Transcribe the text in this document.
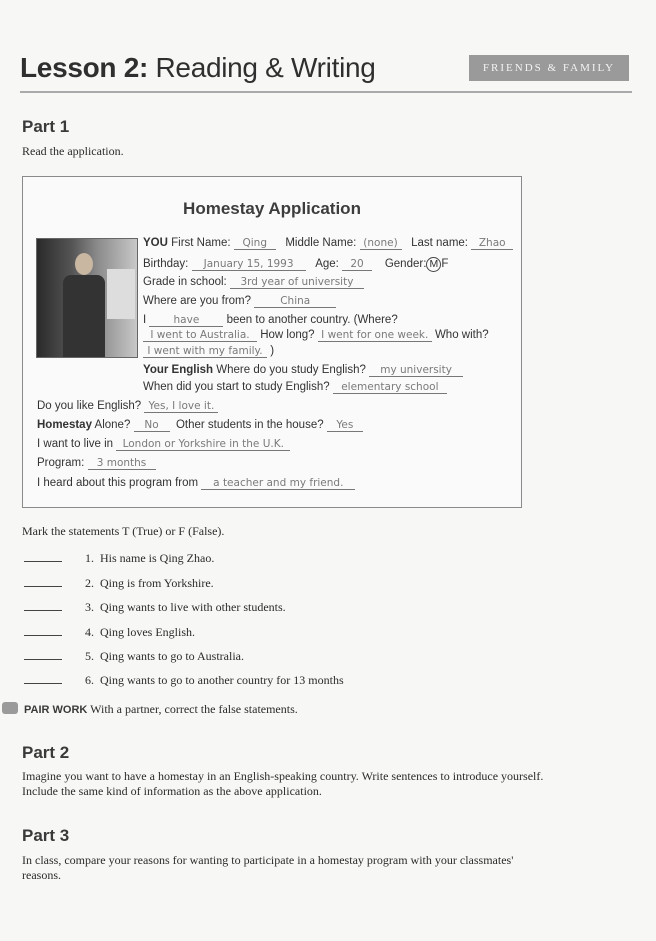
Lesson 2: Reading & Writing	FRIENDS & FAMILY
Part 1
Read the application.
Homestay Application
YOU First Name: Qing Middle Name: (none) Last name: Zhao
Birthday: January 15, 1993 Age: 20 Gender: M F
Grade in school: 3rd year of university
Where are you from?	China
I	have been to another country. (Where?
I went to Australia. How long? I went for one week. Who with?
I went with my family. )
Your English Where do you study English? my university
When did you start to study English? elementary school
Do you like English? Yes, I love it.
Homestay Alone? No Other students in the house? Yes
I want to live in London or Yorkshire in the U.K.
Program: 3 months
I heard about this program from a teacher and my friend.
Mark the statements T (True) or F (False).
1. His name is Qing Zhao.
2. Qing is from Yorkshire.
3. Qing wants to live with other students.
4. Qing loves English.
5. Qing wants to go to Australia.
6. Qing wants to go to another country for 13 months
PAIR WORK With a partner, correct the false statements.
Part 2
Imagine you want to have a homestay in an English-speaking country. Write sentences to introduce yourself. Include the same kind of information as the above application.
Part 3
In class, compare your reasons for wanting to participate in a homestay program with your classmates' reasons.
